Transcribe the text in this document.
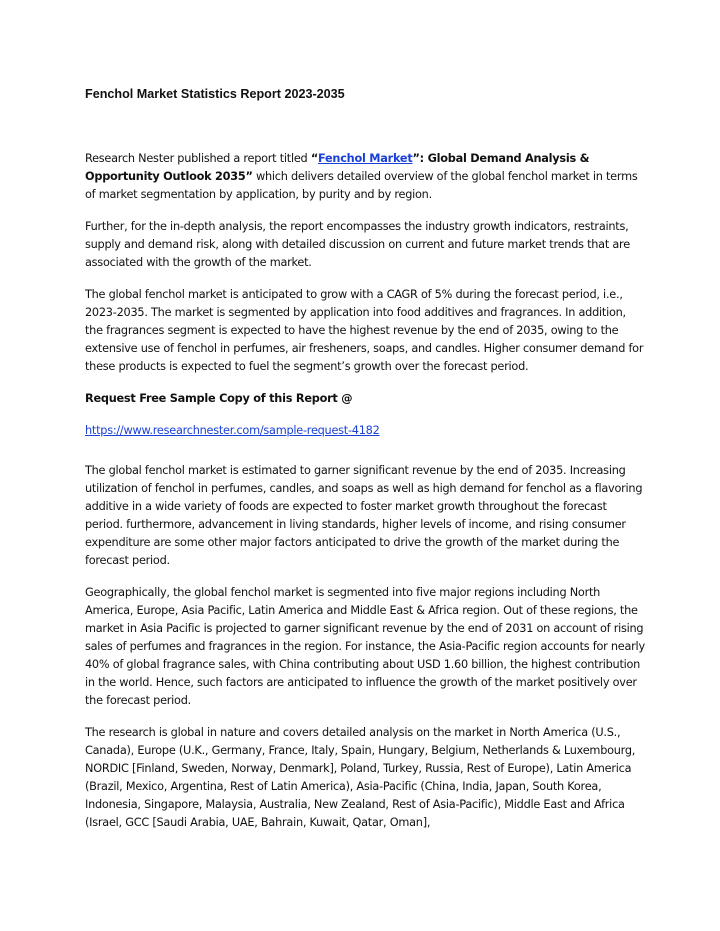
Fenchol Market Statistics Report 2023-2035

Research Nester published a report titled “Fenchol Market”: Global Demand Analysis & Opportunity Outlook 2035” which delivers detailed overview of the global fenchol market in terms of market segmentation by application, by purity and by region.

Further, for the in-depth analysis, the report encompasses the industry growth indicators, restraints, supply and demand risk, along with detailed discussion on current and future market trends that are associated with the growth of the market.

The global fenchol market is anticipated to grow with a CAGR of 5% during the forecast period, i.e., 2023-2035. The market is segmented by application into food additives and fragrances. In addition, the fragrances segment is expected to have the highest revenue by the end of 2035, owing to the extensive use of fenchol in perfumes, air fresheners, soaps, and candles. Higher consumer demand for these products is expected to fuel the segment’s growth over the forecast period.

Request Free Sample Copy of this Report @

https://www.researchnester.com/sample-request-4182

The global fenchol market is estimated to garner significant revenue by the end of 2035. Increasing utilization of fenchol in perfumes, candles, and soaps as well as high demand for fenchol as a flavoring additive in a wide variety of foods are expected to foster market growth throughout the forecast period. furthermore, advancement in living standards, higher levels of income, and rising consumer expenditure are some other major factors anticipated to drive the growth of the market during the forecast period.

Geographically, the global fenchol market is segmented into five major regions including North America, Europe, Asia Pacific, Latin America and Middle East & Africa region. Out of these regions, the market in Asia Pacific is projected to garner significant revenue by the end of 2031 on account of rising sales of perfumes and fragrances in the region. For instance, the Asia-Pacific region accounts for nearly 40% of global fragrance sales, with China contributing about USD 1.60 billion, the highest contribution in the world. Hence, such factors are anticipated to influence the growth of the market positively over the forecast period.

The research is global in nature and covers detailed analysis on the market in North America (U.S., Canada), Europe (U.K., Germany, France, Italy, Spain, Hungary, Belgium, Netherlands & Luxembourg, NORDIC [Finland, Sweden, Norway, Denmark], Poland, Turkey, Russia, Rest of Europe), Latin America (Brazil, Mexico, Argentina, Rest of Latin America), Asia-Pacific (China, India, Japan, South Korea, Indonesia, Singapore, Malaysia, Australia, New Zealand, Rest of Asia-Pacific), Middle East and Africa (Israel, GCC [Saudi Arabia, UAE, Bahrain, Kuwait, Qatar, Oman],
